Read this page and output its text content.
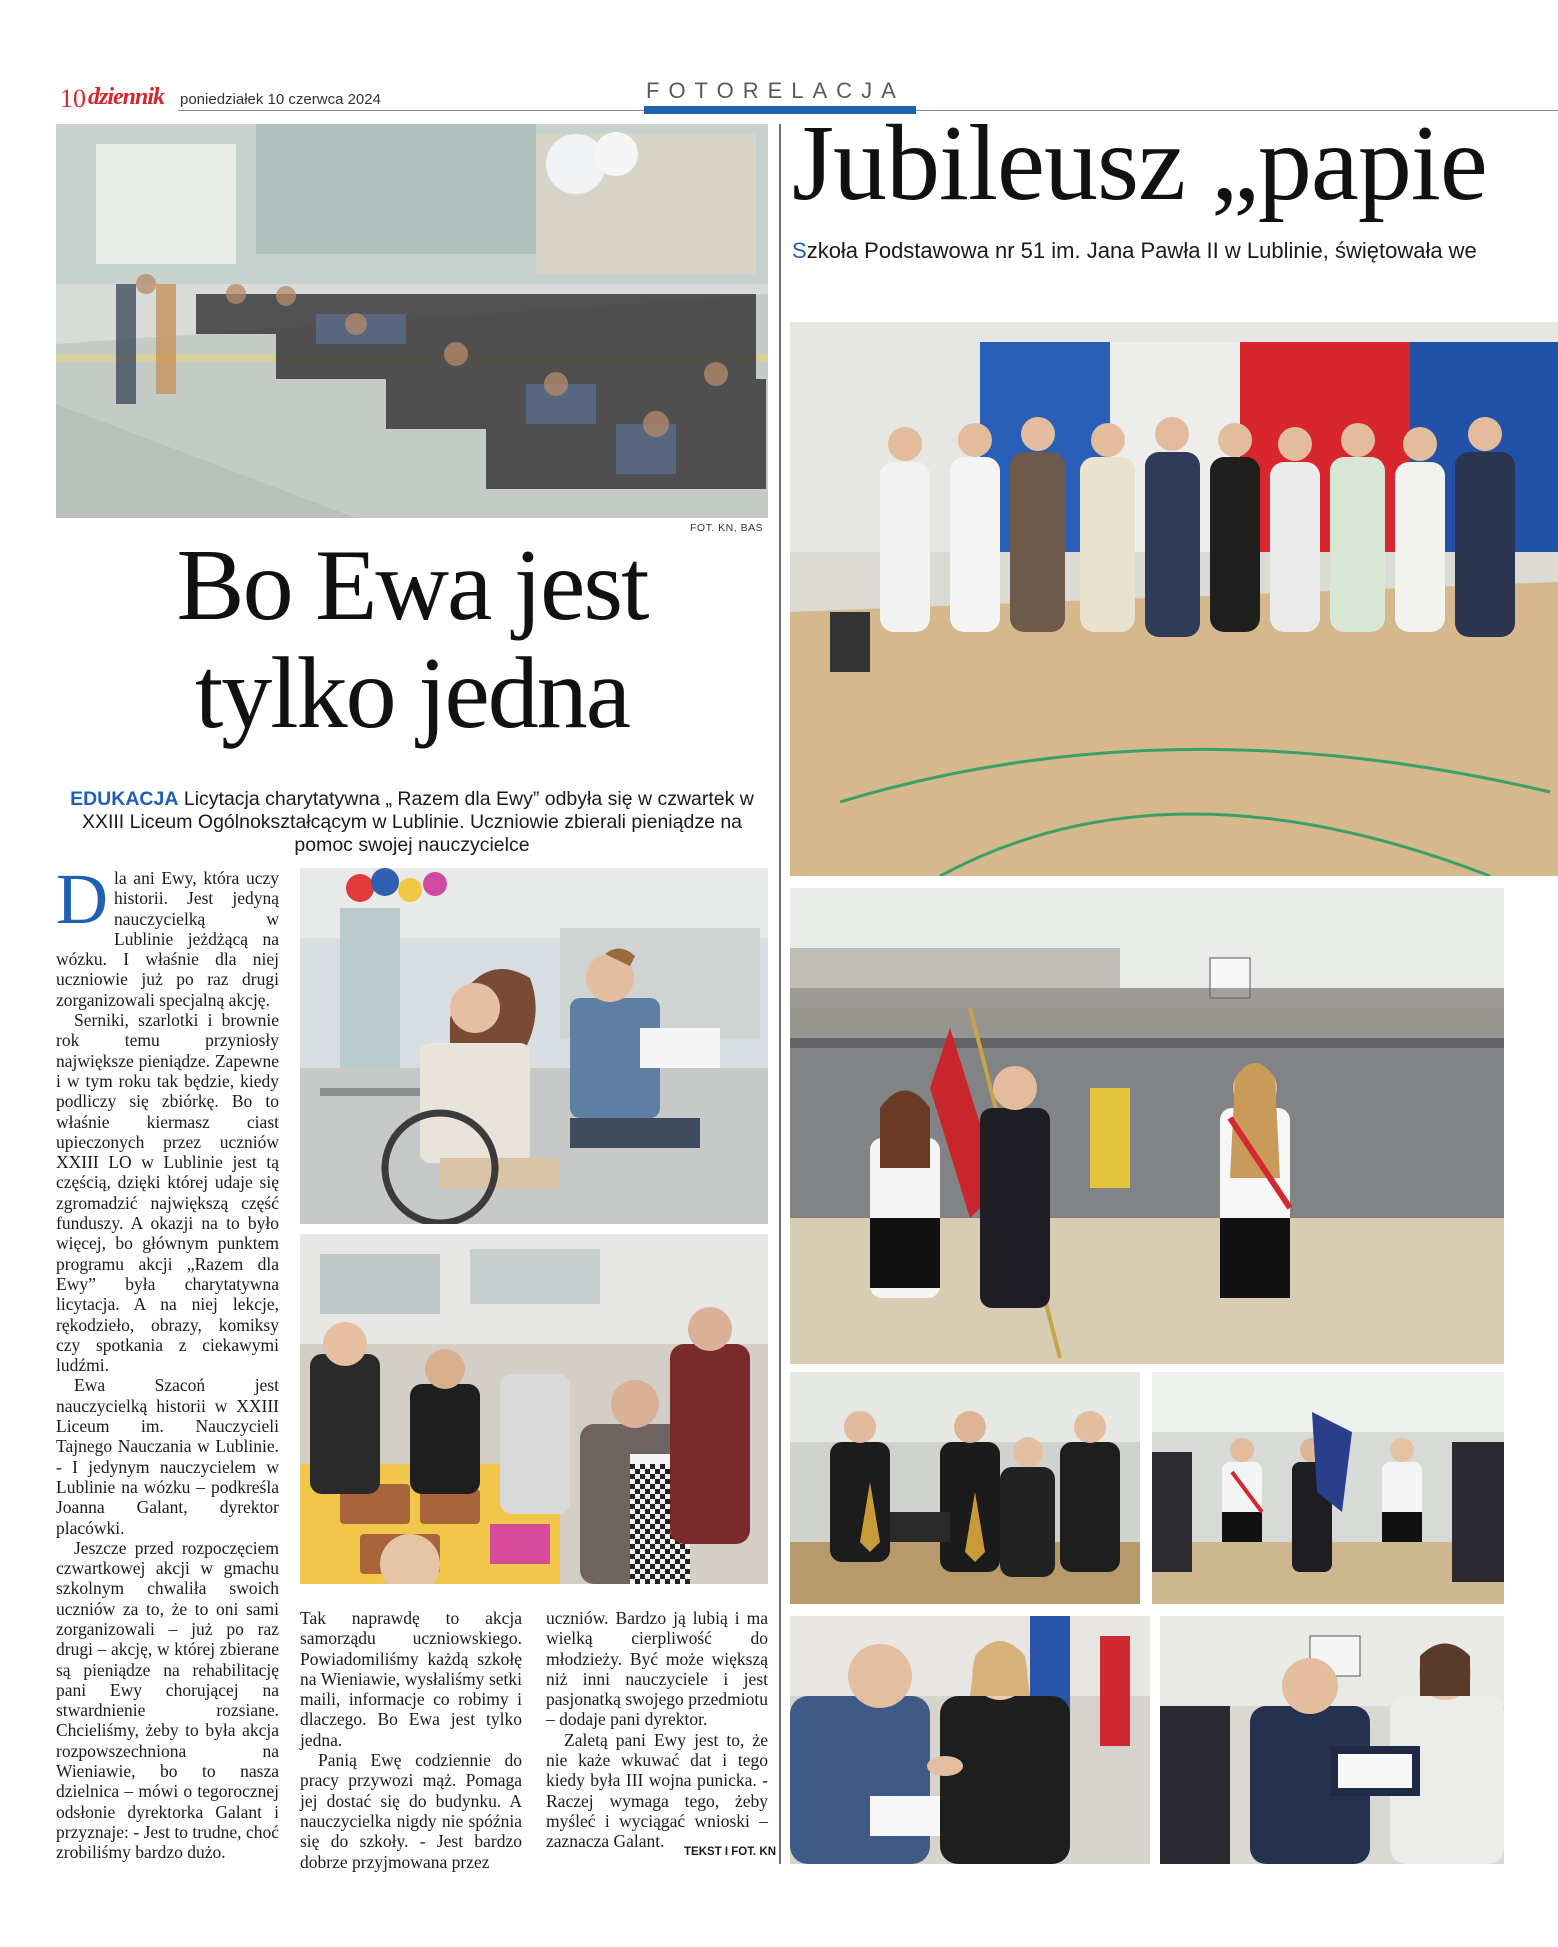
10 dziennik poniedziałek 10 czerwca 2024	FOTORELACJA
FOT. KN, BAS
Bo Ewa jest
tylko jedna
EDUKACJA Licytacja charytatywna „ Razem dla Ewy” odbyła się w czwartek w XXIII Liceum Ogólnokształcącym w Lublinie. Uczniowie zbierali pieniądze na pomoc swojej nauczycielce
D la ani Ewy, która uczy historii. Jest jedyną nauczycielką w Lublinie jeżdżącą na wózku. I właśnie dla niej uczniowie już po raz drugi zorganizowali specjalną akcję.

Serniki, szarlotki i brownie rok temu przyniosły największe pieniądze. Zapewne i w tym roku tak będzie, kiedy podliczy się zbiórkę. Bo to właśnie kiermasz ciast upieczonych przez uczniów XXIII LO w Lublinie jest tą częścią, dzięki której udaje się zgromadzić największą część funduszy. A okazji na to było więcej, bo głównym punktem programu akcji „Razem dla Ewy” była charytatywna licytacja. A na niej lekcje, rękodzieło, obrazy, komiksy czy spotkania z ciekawymi ludźmi.

Ewa Szacoń jest nauczycielką historii w XXIII Liceum im. Nauczycieli Tajnego Nauczania w Lublinie. - I jedynym nauczycielem w Lublinie na wózku – podkreśla Joanna Galant, dyrektor placówki.

Jeszcze przed rozpoczęciem czwartkowej akcji w gmachu szkolnym chwaliła swoich uczniów za to, że to oni sami zorganizowali – już po raz drugi – akcję, w której zbierane są pieniądze na rehabilitację pani Ewy chorującej na stwardnienie rozsiane. Chcieliśmy, żeby to była akcja rozpowszechniona na Wieniawie, bo to nasza dzielnica – mówi o tegorocznej odsłonie dyrektorka Galant i przyznaje: - Jest to trudne, choć zrobiliśmy bardzo dużo.

Tak naprawdę to akcja samorządu uczniowskiego. Powiadomiliśmy każdą szkołę na Wieniawie, wysłaliśmy setki maili, informacje co robimy i dlaczego. Bo Ewa jest tylko jedna.

Panią Ewę codziennie do pracy przywozi mąż. Pomaga jej dostać się do budynku. A nauczycielka nigdy nie spóźnia się do szkoły. - Jest bardzo dobrze przyjmowana przez

uczniów. Bardzo ją lubią i ma wielką cierpliwość do młodzieży. Być może większą niż inni nauczyciele i jest pasjonatką swojego przedmiotu – dodaje pani dyrektor.

Zaletą pani Ewy jest to, że nie każe wkuwać dat i tego kiedy była III wojna punicka. - Raczej wymaga tego, żeby myśleć i wyciągać wnioski – zaznacza Galant.

TEKST I FOT. KN
Jubileusz „papie
Szkoła Podstawowa nr 51 im. Jana Pawła II w Lublinie, świętowała we
